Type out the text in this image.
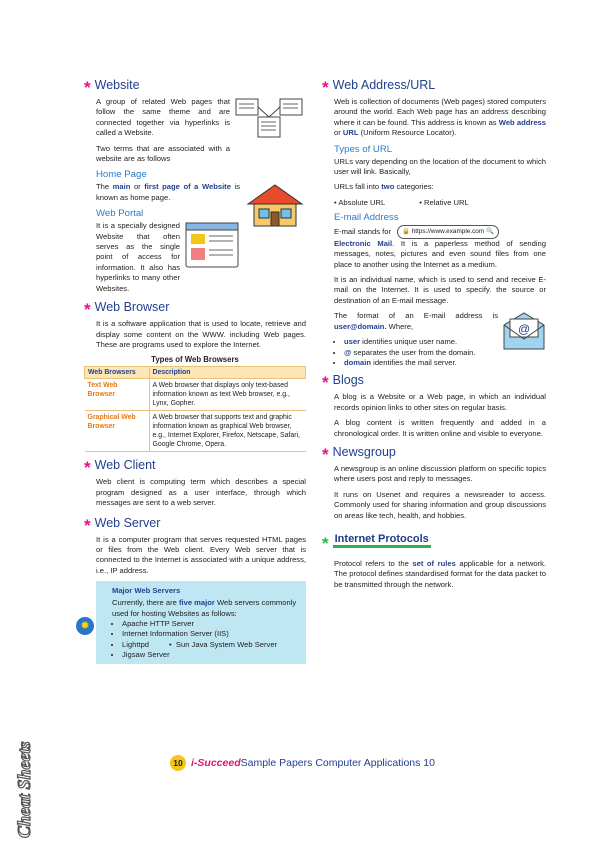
* Website

A group of related Web pages that follow the same theme and are connected together via hyperlinks is called a Website.

Two terms that are associated with a website are as follows

Home Page

The main or first page of a Website is known as home page.

Web Portal

It is a specially designed Website that often serves as the single point of access for information. It also has hyperlinks to many other Websites.

* Web Browser

It is a software application that is used to locate, retrieve and display some content on the WWW. including Web pages. These are programs used to explore the Internet.

Types of Web Browsers
Web Browsers	Description
Text Web Browser	A Web browser that displays only text-based information known as text Web browser, e.g., Lynx, Gopher.
Graphical Web Browser	A Web browser that supports text and graphic information known as graphical Web browser, e.g., Internet Explorer, Firefox, Netscape, Safari, Google Chrome, Opera.
* Web Client

Web client is computing term which describes a special program designed as a user interface, through which messages are sent to a web server.

* Web Server

It is a computer program that serves requested HTML pages or files from the Web client. Every Web server that is connected to the Internet is associated with a unique address, i.e., IP address.

✹
Major Web Servers
Currently, there are five major Web servers commonly used for hosting Websites as follows:
• Apache HTTP Server
• Internet Information Server (IIS)
• Lighttpd	•  Sun Java System Web Server
• Jigsaw Server
* Web Address/URL

Web is collection of documents (Web pages) stored computers around the world. Each Web page has an address describing where it can be found. This address is known as Web address or URL (Uniform Resource Locator).

Types of URL

URLs vary depending on the location of the document to which user will link. Basically,

URLs fall into two categories:

• Absolute URL	• Relative URL
E-mail Address

E-mail stands for 🔒 https://www.example.com 🔍

Electronic Mail. It is a paperless method of sending messages, notes, pictures and even sound files from one place to another using the Internet as a medium.

It is an individual name, which is used to send and receive E-mail on the Internet. It is used to specify. the source or destination of an E-mail message.

@

The format of an E-mail address is user@domain. Where,

• user identifies unique user name.
• @ separates the user from the domain.
• domain identifies the mail server.
* Blogs

A blog is a Website or a Web page, in which an individual records opinion links to other sites on regular basis.

A blog content is written frequently and added in a chronological order. It is written online and visible to everyone.

* Newsgroup

A newsgroup is an online discussion platform on specific topics where users post and reply to messages.

It runs on Usenet and requires a newsreader to access. Commonly used for sharing information and group discussions on areas like tech, health, and hobbies.

* Internet Protocols

Protocol refers to the set of rules applicable for a network. The protocol defines standardised format for the data packet to be transmitted through the network.

Cheat Sheets	10 i-Succeed Sample Papers Computer Applications 10
